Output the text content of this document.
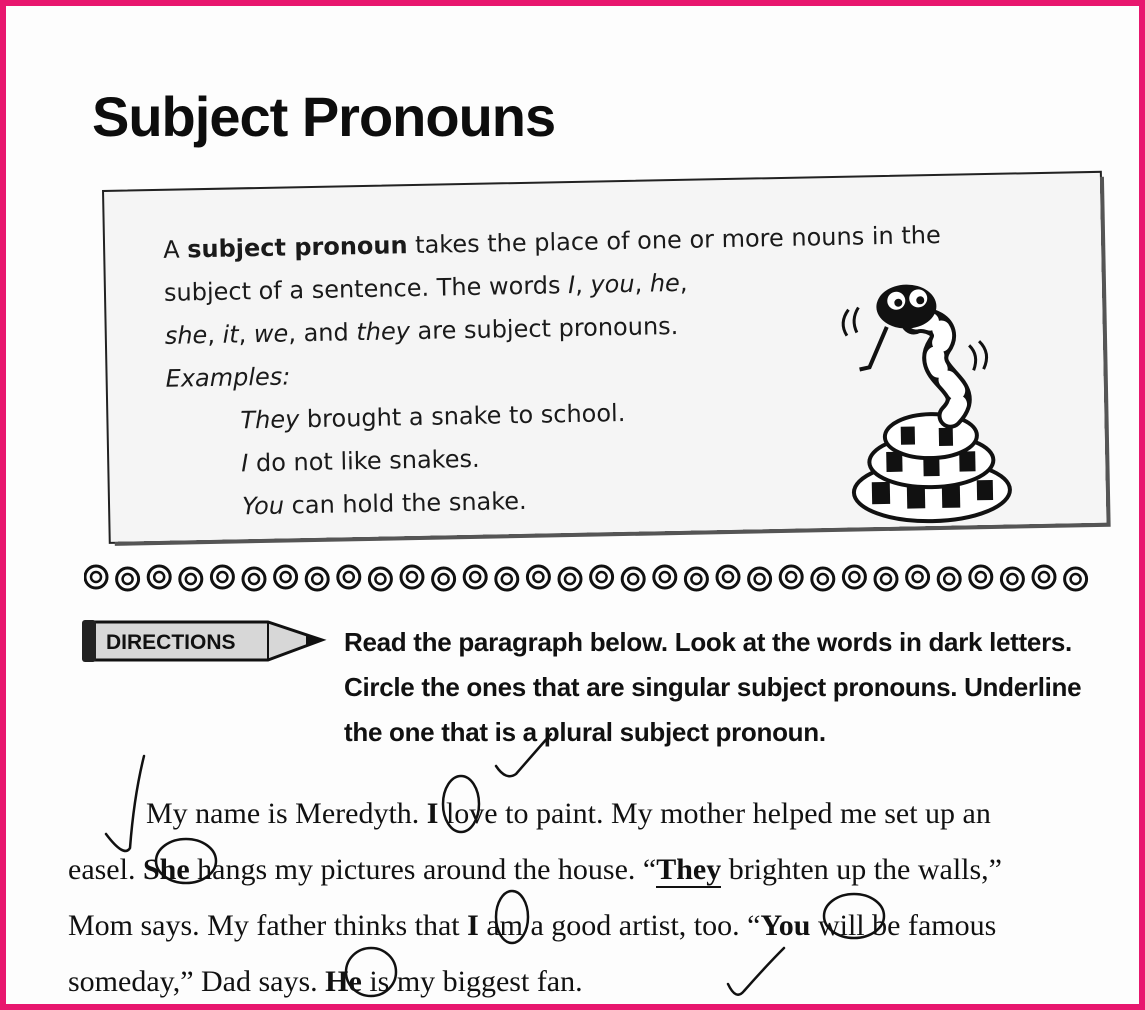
Subject Pronouns

A subject pronoun takes the place of one or more nouns in the

subject of a sentence. The words I, you, he,

she, it, we, and they are subject pronouns.

Examples:

They brought a snake to school.

I do not like snakes.

You can hold the snake.

DIRECTIONS	Read the paragraph below. Look at the words in dark letters.

Circle the ones that are singular subject pronouns. Underline

the one that is a plural subject pronoun.

My name is Meredyth. I love to paint. My mother helped me set up an

easel. She hangs my pictures around the house. “They brighten up the walls,”

Mom says. My father thinks that I am a good artist, too. “You will be famous

someday,” Dad says. He is my biggest fan.
